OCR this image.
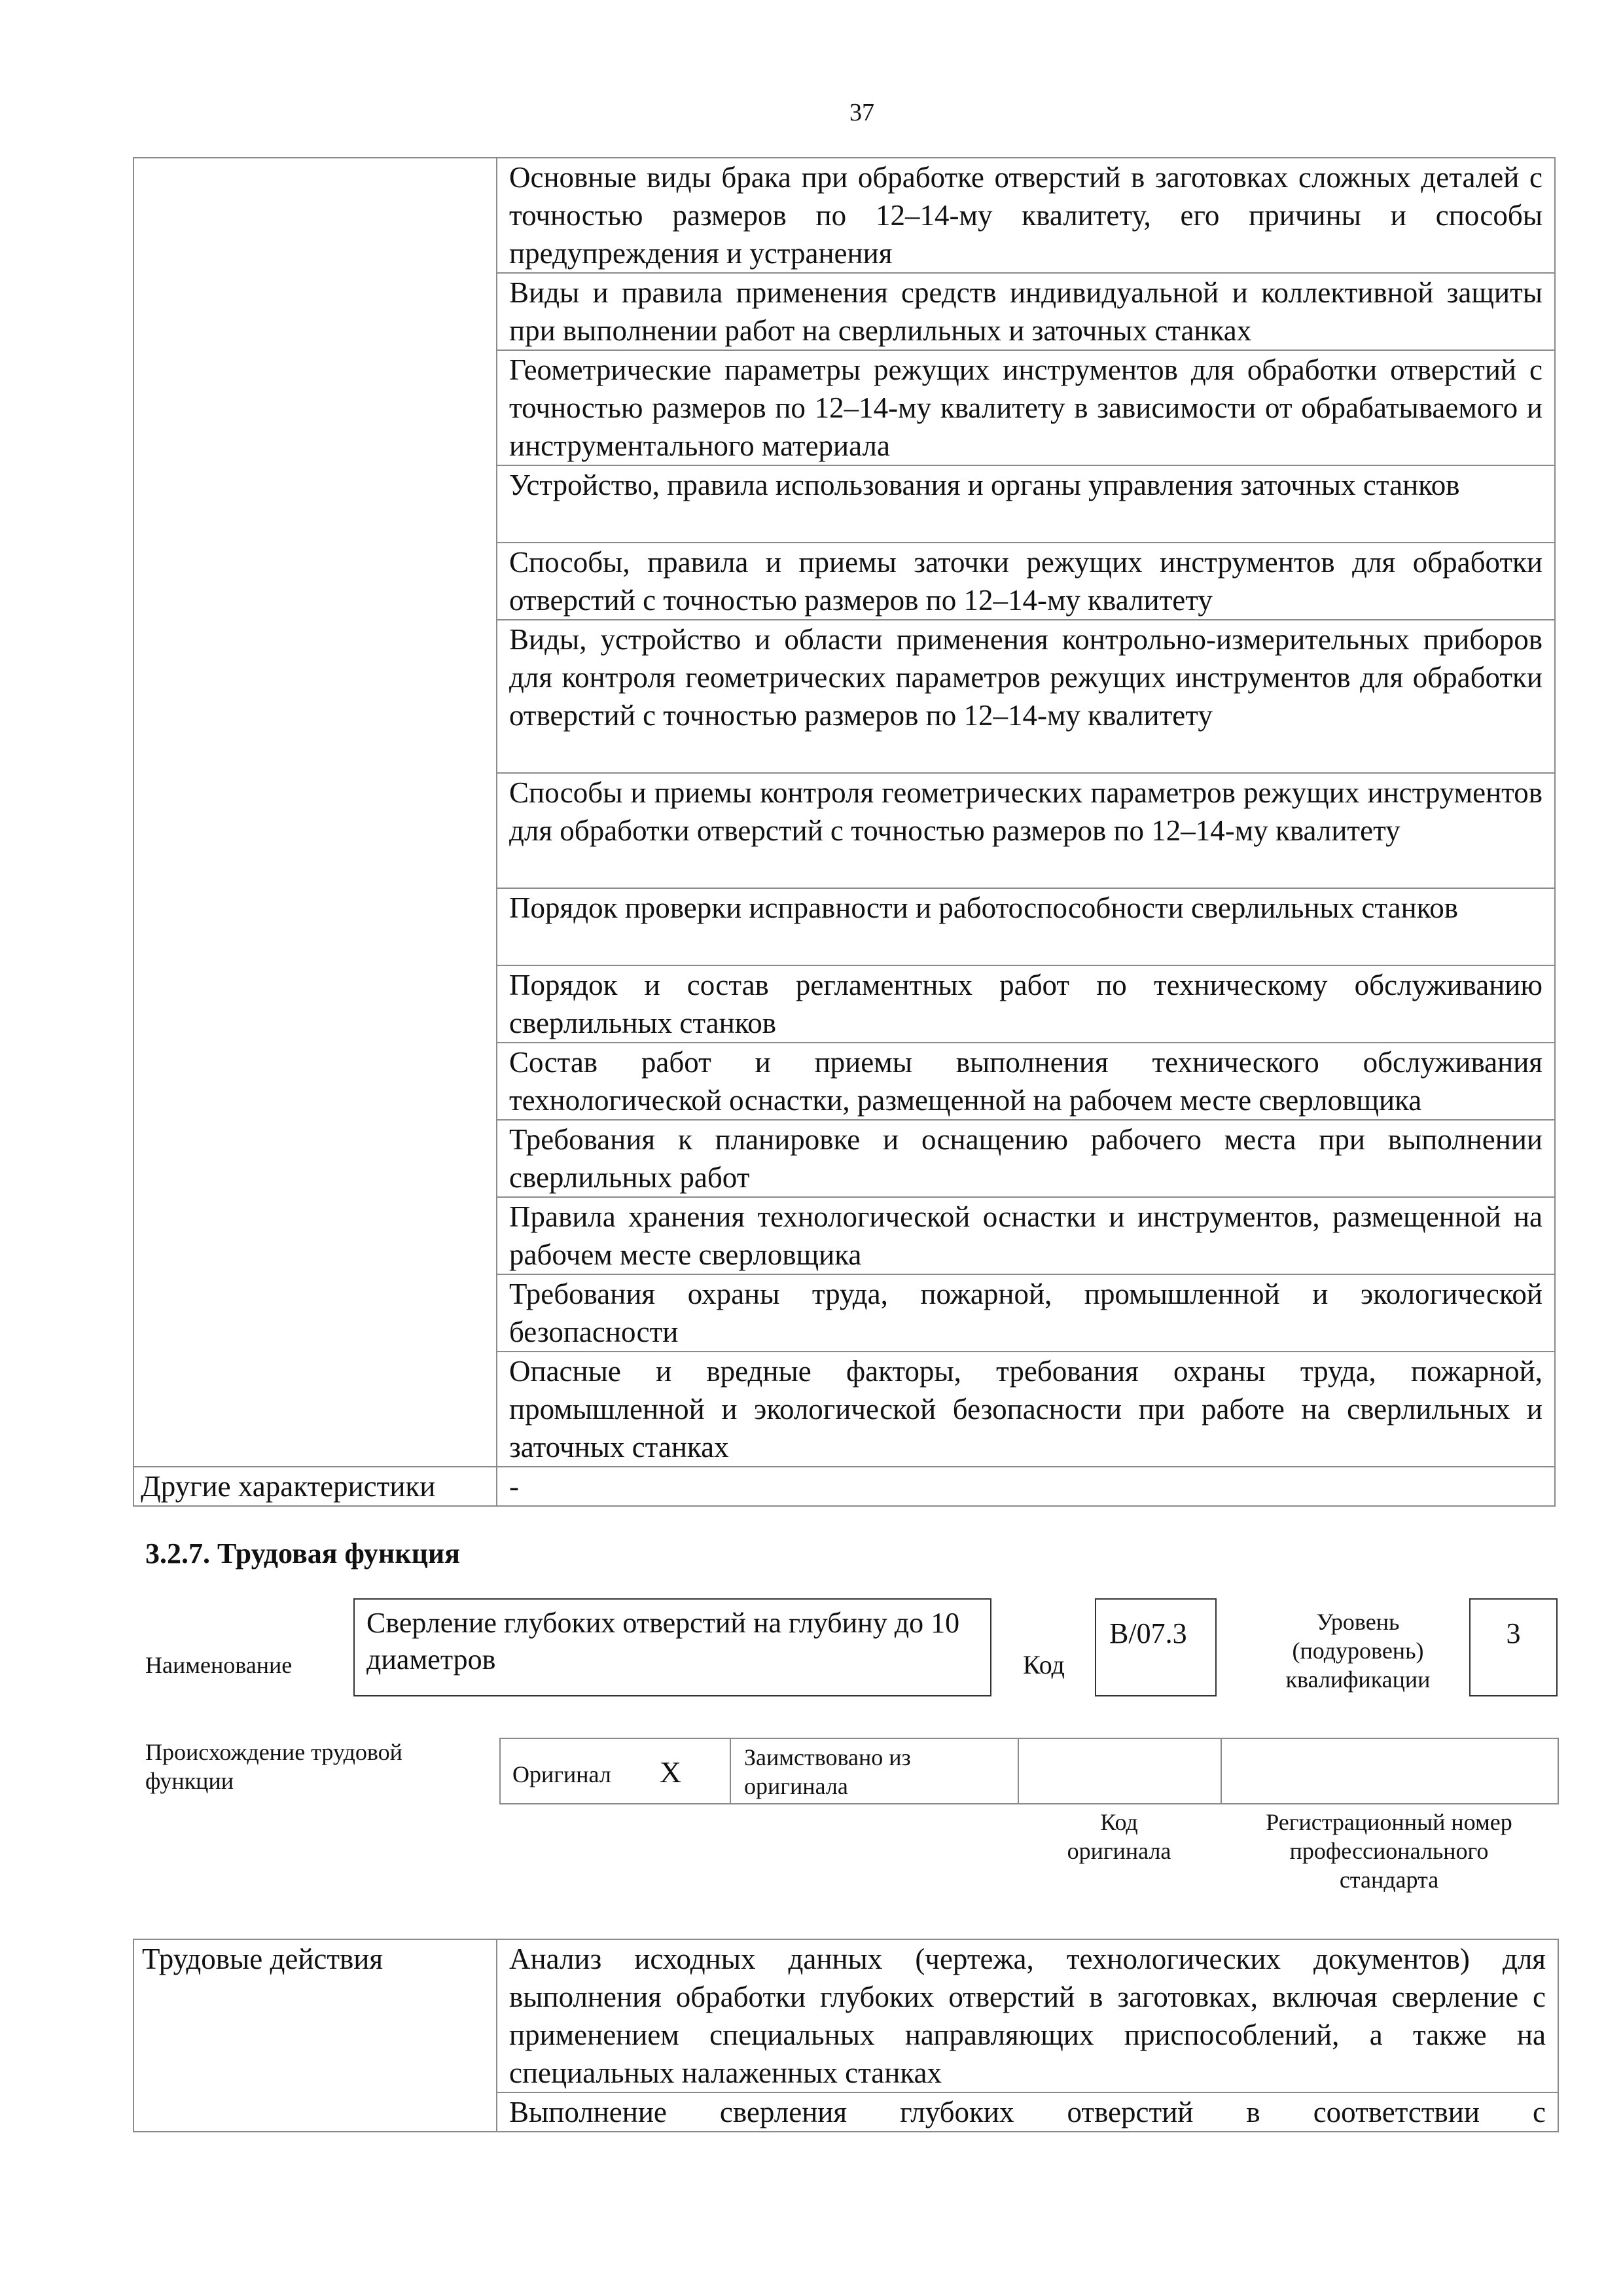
37
	Основные виды брака при обработке отверстий в заготовках сложных деталей с точностью размеров по 12–14-му квалитету, его причины и способы предупреждения и устранения
	Виды и правила применения средств индивидуальной и коллективной защиты при выполнении работ на сверлильных и заточных станках
	Геометрические параметры режущих инструментов для обработки отверстий с точностью размеров по 12–14-му квалитету в зависимости от обрабатываемого и инструментального материала
	Устройство, правила использования и органы управления заточных станков
	Способы, правила и приемы заточки режущих инструментов для обработки отверстий с точностью размеров по 12–14-му квалитету
	Виды, устройство и области применения контрольно-измерительных приборов для контроля геометрических параметров режущих инструментов для обработки отверстий с точностью размеров по 12–14-му квалитету
	Способы и приемы контроля геометрических параметров режущих инструментов для обработки отверстий с точностью размеров по 12–14-му квалитету
	Порядок проверки исправности и работоспособности сверлильных станков
	Порядок и состав регламентных работ по техническому обслуживанию сверлильных станков
	Состав работ и приемы выполнения технического обслуживания технологической оснастки, размещенной на рабочем месте сверловщика
	Требования к планировке и оснащению рабочего места при выполнении сверлильных работ
	Правила хранения технологической оснастки и инструментов, размещенной на рабочем месте сверловщика
	Требования охраны труда, пожарной, промышленной и экологической безопасности
	Опасные и вредные факторы, требования охраны труда, пожарной, промышленной и экологической безопасности при работе на сверлильных и заточных станках
Другие характеристики	-
3.2.7. Трудовая функция
Наименование
Сверление глубоких отверстий на глубину до 10 диаметров	Код
B/07.3	Уровень
(подуровень)
квалификации
3
Происхождение трудовой
функции	Оригинал X	Заимствовано из
оригинала

Код
оригинала
Регистрационный номер
профессионального
стандарта
Трудовые действия	Анализ исходных данных (чертежа, технологических документов) для выполнения обработки глубоких отверстий в заготовках, включая сверление с применением специальных направляющих приспособлений, а также на специальных налаженных станках
Выполнение сверления глубоких отверстий в соответствии с
